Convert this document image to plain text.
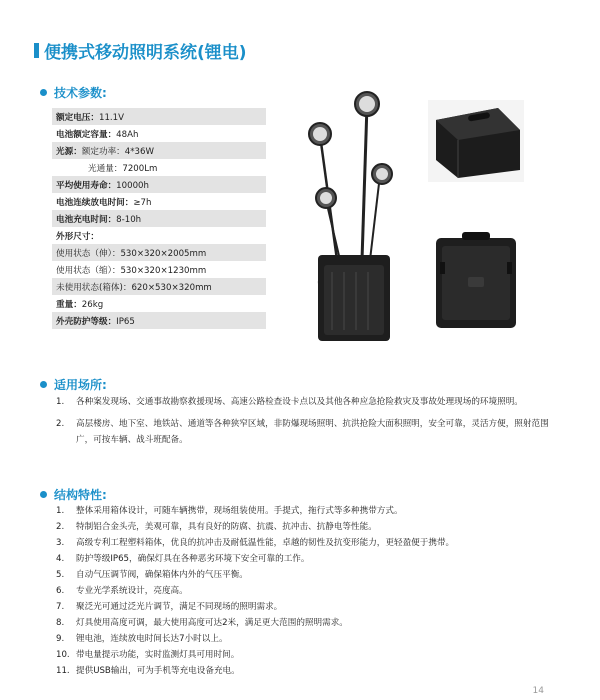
便携式移动照明系统(锂电)
技术参数:
额定电压：11.1V
电池额定容量：48Ah
光源：额定功率：4*36W
光通量：7200Lm
平均使用寿命：10000h
电池连续放电时间：≥7h
电池充电时间：8-10h
外形尺寸：
使用状态（伸）：530×320×2005mm
使用状态（缩）：530×320×1230mm
未使用状态(箱体)：620×530×320mm
重量：26kg
外壳防护等级：IP65
适用场所:
1. 各种案发现场、交通事故勘察救援现场、高速公路检查设卡点以及其他各种应急抢险救灾及事故处理现场的环境照明。
2. 高层楼房、地下室、地铁站、通道等各种狭窄区域，非防爆现场照明、抗洪抢险大面积照明，安全可靠，灵活方便，照射范围广，可按车辆、战斗班配备。
结构特性:
1. 整体采用箱体设计，可随车辆携带，现场组装使用。手提式，拖行式等多种携带方式。
2. 特制铝合金头壳，美观可靠，具有良好的防腐、抗震、抗冲击、抗静电等性能。
3. 高级专利工程塑料箱体，优良的抗冲击及耐低温性能，卓越的韧性及抗变形能力，更轻盈便于携带。
4. 防护等级IP65，确保灯具在各种恶劣环境下安全可靠的工作。
5. 自动气压调节阀，确保箱体内外的气压平衡。
6. 专业光学系统设计，亮度高。
7. 聚泛光可通过泛光片调节，满足不同现场的照明需求。
8. 灯具使用高度可调，最大使用高度可达2米，满足更大范围的照明需求。
9. 锂电池，连续放电时间长达7小时以上。
10. 带电量提示功能，实时监测灯具可用时间。
11. 提供USB输出，可为手机等充电设备充电。
14
